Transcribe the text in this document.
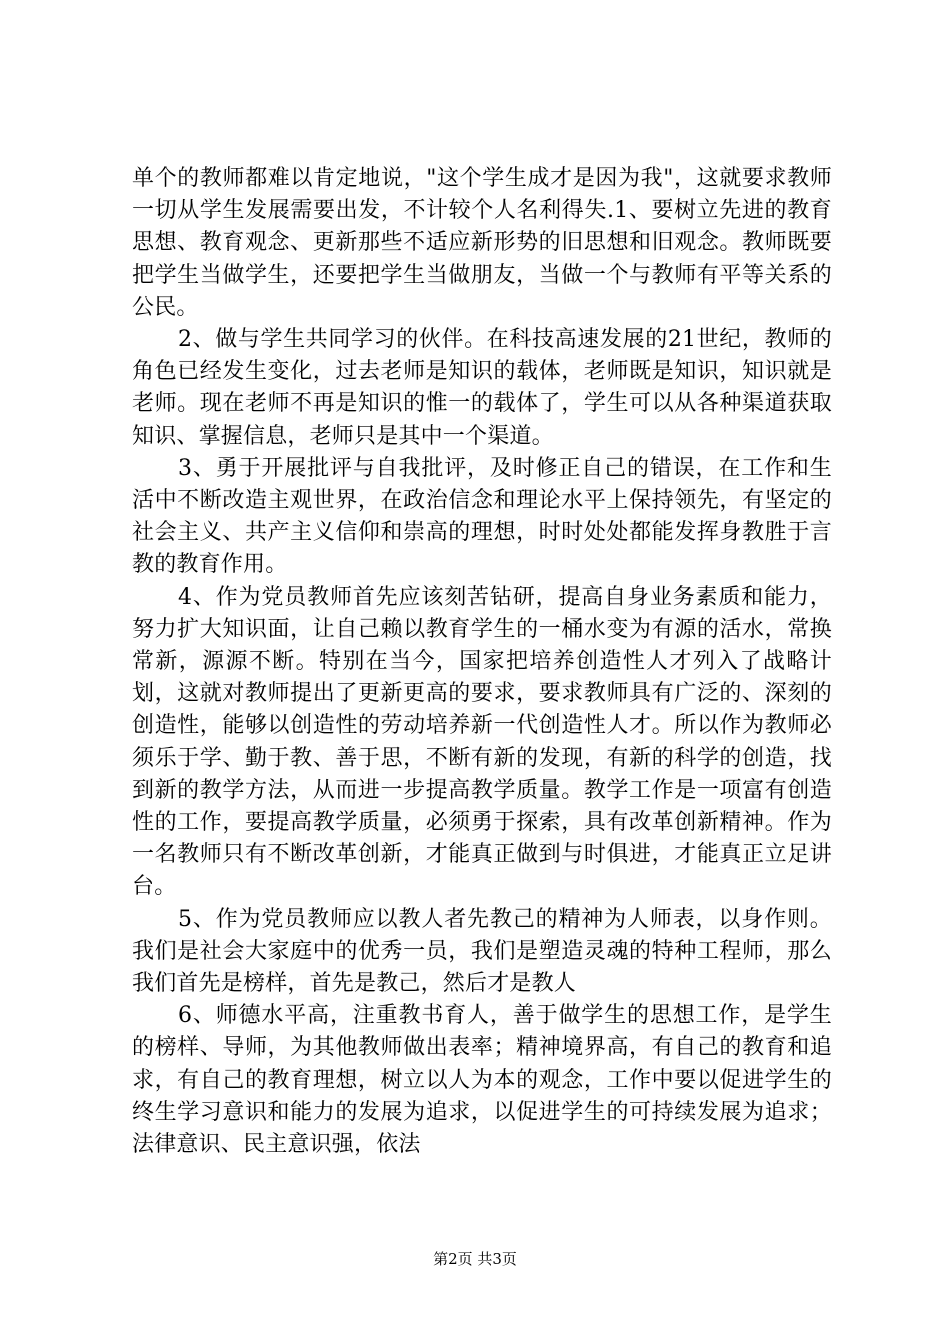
单个的教师都难以肯定地说，"这个学生成才是因为我"，这就要求教师一切从学生发展需要出发，不计较个人名利得失.1、要树立先进的教育思想、教育观念、更新那些不适应新形势的旧思想和旧观念。教师既要把学生当做学生，还要把学生当做朋友，当做一个与教师有平等关系的公民。

2、做与学生共同学习的伙伴。在科技高速发展的21世纪，教师的角色已经发生变化，过去老师是知识的载体，老师既是知识，知识就是老师。现在老师不再是知识的惟一的载体了，学生可以从各种渠道获取知识、掌握信息，老师只是其中一个渠道。

3、勇于开展批评与自我批评，及时修正自己的错误，在工作和生活中不断改造主观世界，在政治信念和理论水平上保持领先，有坚定的社会主义、共产主义信仰和崇高的理想，时时处处都能发挥身教胜于言教的教育作用。

4、作为党员教师首先应该刻苦钻研，提高自身业务素质和能力，努力扩大知识面，让自己赖以教育学生的一桶水变为有源的活水，常换常新，源源不断。特别在当今，国家把培养创造性人才列入了战略计划，这就对教师提出了更新更高的要求，要求教师具有广泛的、深刻的创造性，能够以创造性的劳动培养新一代创造性人才。所以作为教师必须乐于学、勤于教、善于思，不断有新的发现，有新的科学的创造，找到新的教学方法，从而进一步提高教学质量。教学工作是一项富有创造性的工作，要提高教学质量，必须勇于探索，具有改革创新精神。作为一名教师只有不断改革创新，才能真正做到与时俱进，才能真正立足讲台。

5、作为党员教师应以教人者先教己的精神为人师表，以身作则。我们是社会大家庭中的优秀一员，我们是塑造灵魂的特种工程师，那么我们首先是榜样，首先是教己，然后才是教人

6、师德水平高，注重教书育人，善于做学生的思想工作，是学生的榜样、导师，为其他教师做出表率；精神境界高，有自己的教育和追求，有自己的教育理想，树立以人为本的观念，工作中要以促进学生的终生学习意识和能力的发展为追求，以促进学生的可持续发展为追求；法律意识、民主意识强，依法

第2页 共3页
